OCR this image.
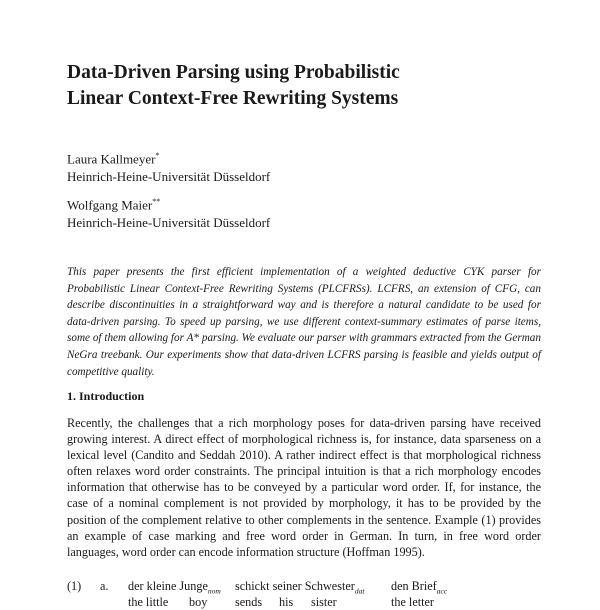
Data-Driven Parsing using Probabilistic
Linear Context-Free Rewriting Systems
Laura Kallmeyer*
Heinrich-Heine-Universität Düsseldorf
Wolfgang Maier**
Heinrich-Heine-Universität Düsseldorf

This paper presents the first efficient implementation of a weighted deductive CYK parser for Probabilistic Linear Context-Free Rewriting Systems (PLCFRSs). LCFRS, an extension of CFG, can describe discontinuities in a straightforward way and is therefore a natural candidate to be used for data-driven parsing. To speed up parsing, we use different context-summary estimates of parse items, some of them allowing for A* parsing. We evaluate our parser with grammars extracted from the German NeGra treebank. Our experiments show that data-driven LCFRS parsing is feasible and yields output of competitive quality.

1. Introduction

Recently, the challenges that a rich morphology poses for data-driven parsing have received growing interest. A direct effect of morphological richness is, for instance, data sparseness on a lexical level (Candito and Seddah 2010). A rather indirect effect is that morphological richness often relaxes word order constraints. The principal intuition is that a rich morphology encodes information that otherwise has to be conveyed by a particular word order. If, for instance, the case of a nominal complement is not provided by morphology, it has to be provided by the position of the complement relative to other complements in the sentence. Example (1) provides an example of case marking and free word order in German. In turn, in free word order languages, word order can encode information structure (Hoffman 1995).

(1) a. der kleine Junge$_{nom}$ schickt seiner Schwester$_{dat}$ den Brief$_{acc}$
the little boy sends his sister	the letter
